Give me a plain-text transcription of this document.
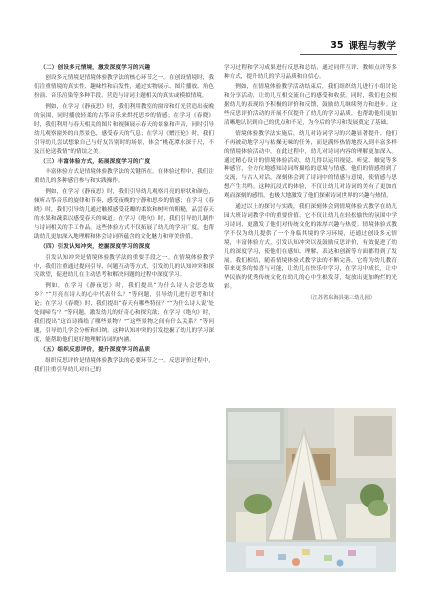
35 课程与教学

（二）创设多元情境，激发深度学习的兴趣

创设多元情境是情境体验教学法的核心环节之一。在创设情境时，我们注重情境的真实性、趣味性和启发性，通过实物展示、图片播放、角色扮演、音乐渲染等多种手段，营造与诗词主题相关的真实或模拟情境。

例如，在学习《静夜思》时，我们利用教室的窗帘和灯光营造出夜晚的氛围，同时播放轻柔的古筝音乐来烘托思乡的情感；在学习《春晓》时，我们利用与春天相关的图片和视频展示春天的景象和声音，同时引导幼儿观察窗外的自然景色，感受春天的气息；在学习《赠汪伦》时，我们引导幼儿尝试想象自己与好友告别时的场景，体会“桃花潭水深千尺，不及汪伦送我情”的情谊之美。

（三）丰富体验方式，拓展深度学习的广度

丰富体验方式是情境体验教学法的关键所在。在体验过程中，我们注重幼儿的多种感官参与和实践操作。

例如，在学习《静夜思》时，我们引导幼儿观察月亮的形状和颜色，倾听古筝音乐的旋律和节奏，感受夜晚的宁静和思乡的情感；在学习《春晓》时，我们引导幼儿通过触摸感受花瓣的柔软和树叶的粗糙，品尝春天的水果和蔬菜以感受春天的味道；在学习《绝句》时，我们引导幼儿制作与诗词相关的手工作品。这些体验方式不仅拓展了幼儿的学习广度，也帮助幼儿更加深入地理解和体会诗词所蕴含的文化魅力和审美价值。

（四）引发认知冲突，挖掘深度学习的深度

引发认知冲突是情境体验教学法的重要手段之一。在情境体验教学中，我们注重通过提问引导、问题互动等方式，引发幼儿的认知冲突和探究欲望，促进幼儿在主动思考和解决问题的过程中深度学习。

例如，在学习《静夜思》时，我们提出“为什么诗人会思念故乡？”“月亮在诗人的心中代表什么？”等问题，引导幼儿进行思考和讨论；在学习《春晓》时，我们提出“春天有哪些特征？”“为什么诗人说‘处处闻啼鸟’？”等问题，激发幼儿的好奇心和探究欲；在学习《绝句》时，我们提出“这首诗描绘了哪些景物？”“这些景物之间有什么关系？”等问题，引导幼儿学会分析和归纳。这种认知冲突的引发挖掘了幼儿的学习深度，能帮助他们更好地理解诗词的内涵。

（五）组织反思评价，提升深度学习的品质

组织反思评价是情境体验教学法的必要环节之一。反思评价过程中，我们注重引导幼儿对自己的

学习过程和学习成果进行反思和总结，通过同伴互评、教师点评等多种方式，提升幼儿的学习品质和自信心。

例如，在情境体验教学活动结束后，我们组织幼儿进行小组讨论和分享活动，让幼儿互相交流自己的感受和收获。同时，我们也会根据幼儿的表现给予积极的评价和反馈，鼓励幼儿继续努力和进步。这些反思评价活动的开展不仅提升了幼儿的学习品质，也帮助他们更加清晰地认识到自己的优点和不足，为今后的学习和发展奠定了基础。

情境体验教学法实施后，幼儿对诗词学习的兴趣显著提升。他们不再被动地学习与枯燥无味的任务，而是满怀热情地投入到丰富多样的情境体验活动中。在此过程中，幼儿对诗词内容的理解更加深入。通过精心设计的情境体验活动，幼儿得以运用视觉、听觉、触觉等多种感官，全方位地感知诗词所描绘的意境与情感。他们的情感得到了交流，与古人对话，深刻体会到了诗词中的情感与意境，使情感与思想产生共鸣。这种沉浸式的体验，不仅让幼儿对诗词的美有了更加直观而深刻的感悟，也极大地激发了他们探索诗词世界的兴趣与热情。

通过以上的探讨与实践，我们深刻体会到情境体验式教学在幼儿园大班诗词教学中的重要价值。它不仅让幼儿在轻松愉快的氛围中学习诗词，更激发了他们对传统文化的浓厚兴趣与热爱。情境体验式教学不仅为幼儿提供了一个身临其境的学习环境，还通过创设多元情境，丰富体验方式，引发认知冲突以及鼓励反思评价，有效促进了幼儿的深度学习，使他们在感知、理解、表达和创新等方面都得到了发展。我们相信，随着情境体验式教学法的不断完善，它将为幼儿教育带来更多的惊喜与可能，让幼儿在快乐中学习，在学习中成长，让中华民族的优秀传统文化在幼儿的心中生根发芽，绽放出更加绚烂的光彩。

（江苏省东海县第三幼儿园）
